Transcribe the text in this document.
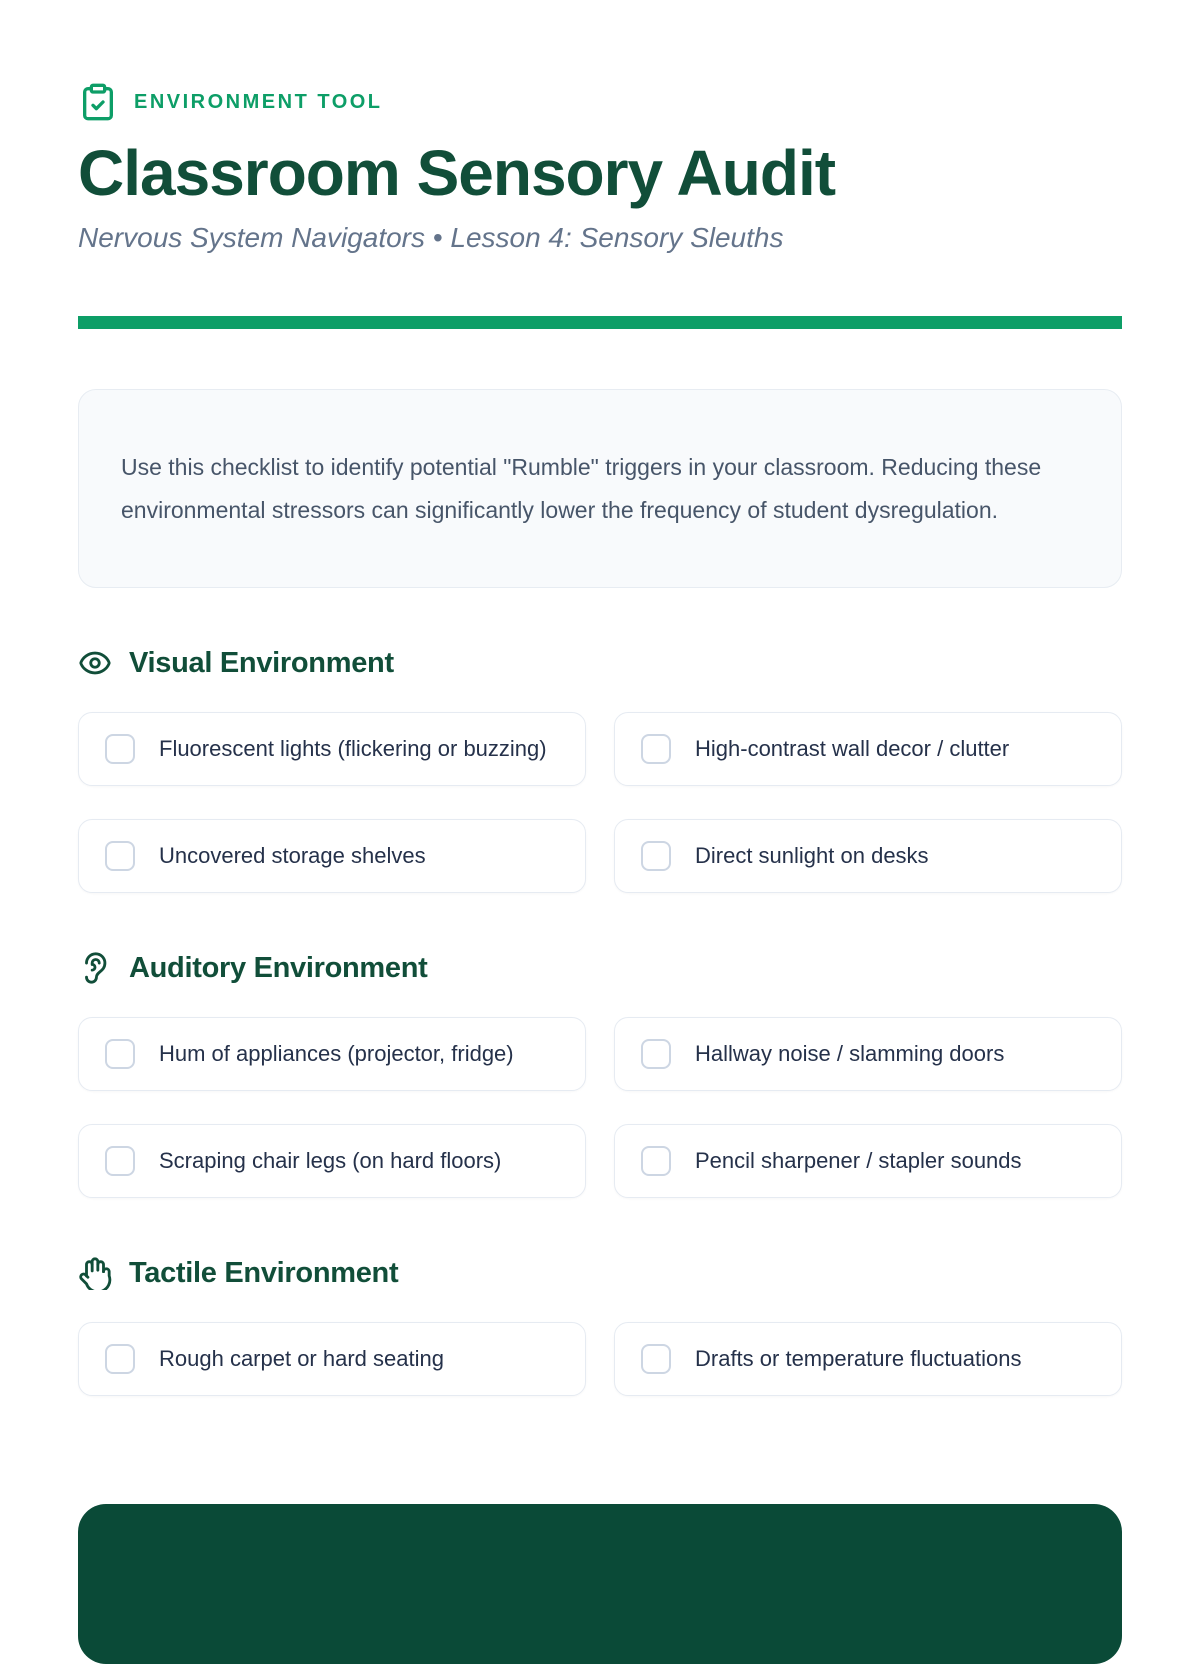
ENVIRONMENT TOOL
Classroom Sensory Audit

Nervous System Navigators • Lesson 4: Sensory Sleuths

Use this checklist to identify potential "Rumble" triggers in your classroom. Reducing these environmental stressors can significantly lower the frequency of student dysregulation.

Visual Environment
Fluorescent lights (flickering or buzzing)	High-contrast wall decor / clutter
Uncovered storage shelves	Direct sunlight on desks
Auditory Environment
Hum of appliances (projector, fridge)	Hallway noise / slamming doors
Scraping chair legs (on hard floors)	Pencil sharpener / stapler sounds
Tactile Environment
Rough carpet or hard seating	Drafts or temperature fluctuations
